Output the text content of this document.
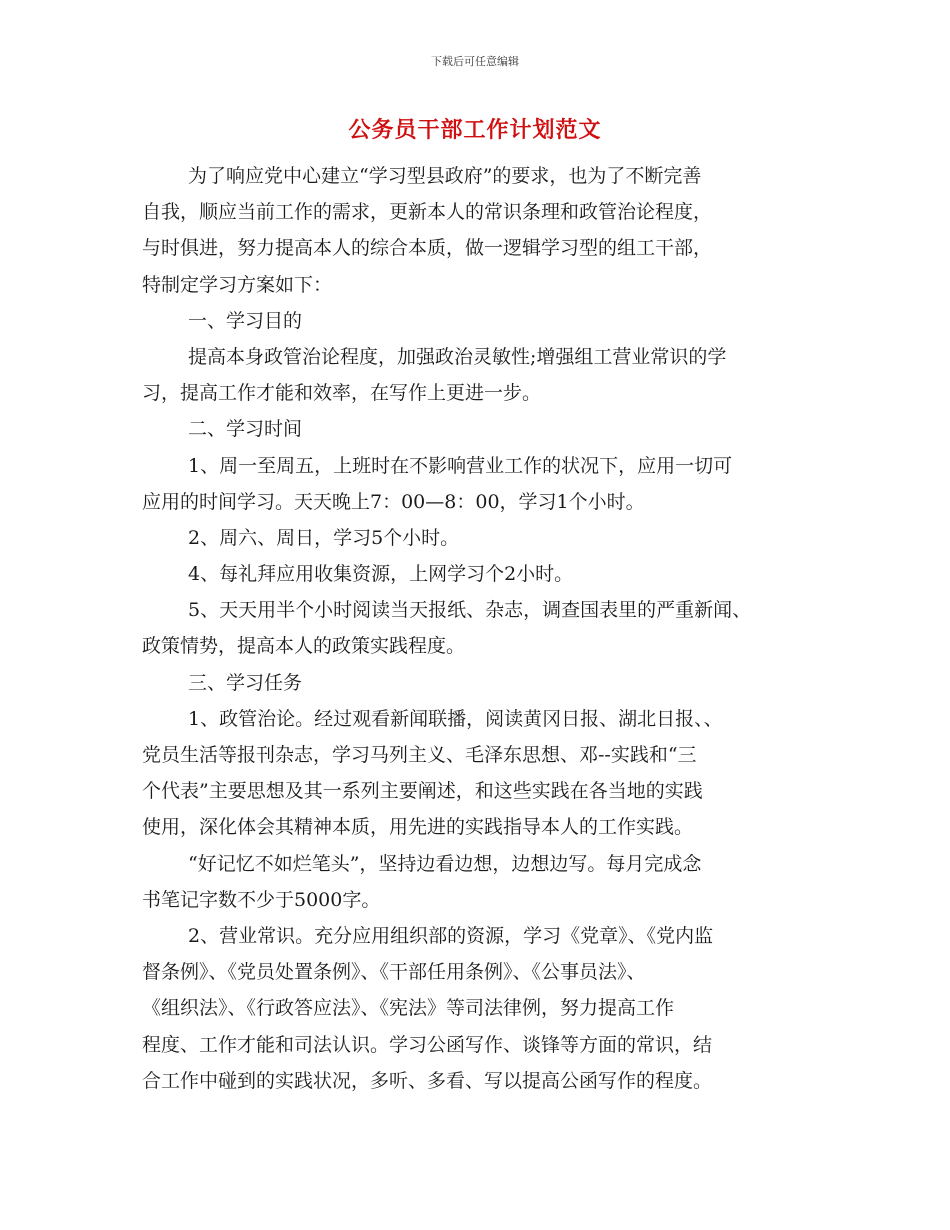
下载后可任意编辑
公务员干部工作计划范文
为了响应党中心建立“学习型县政府”的要求，也为了不断完善
自我，顺应当前工作的需求，更新本人的常识条理和政管治论程度，
与时俱进，努力提高本人的综合本质，做一逻辑学习型的组工干部，
特制定学习方案如下：
一、学习目的
提高本身政管治论程度，加强政治灵敏性;增强组工营业常识的学
习，提高工作才能和效率，在写作上更进一步。
二、学习时间
1、周一至周五，上班时在不影响营业工作的状况下，应用一切可
应用的时间学习。天天晚上7：00—8：00，学习1个小时。
2、周六、周日，学习5个小时。
4、每礼拜应用收集资源，上网学习个2小时。
5、天天用半个小时阅读当天报纸、杂志，调查国表里的严重新闻、
政策情势，提高本人的政策实践程度。
三、学习任务
1、政管治论。经过观看新闻联播，阅读黄冈日报、湖北日报、、
党员生活等报刊杂志，学习马列主义、毛泽东思想、邓--实践和“三
个代表”主要思想及其一系列主要阐述，和这些实践在各当地的实践
使用，深化体会其精神本质，用先进的实践指导本人的工作实践。
“好记忆不如烂笔头”，坚持边看边想，边想边写。每月完成念
书笔记字数不少于5000字。
2、营业常识。充分应用组织部的资源，学习《党章》、《党内监
督条例》、《党员处置条例》、《干部任用条例》、《公事员法》、
《组织法》、《行政答应法》、《宪法》等司法律例，努力提高工作
程度、工作才能和司法认识。学习公函写作、谈锋等方面的常识，结
合工作中碰到的实践状况，多听、多看、写以提高公函写作的程度。
